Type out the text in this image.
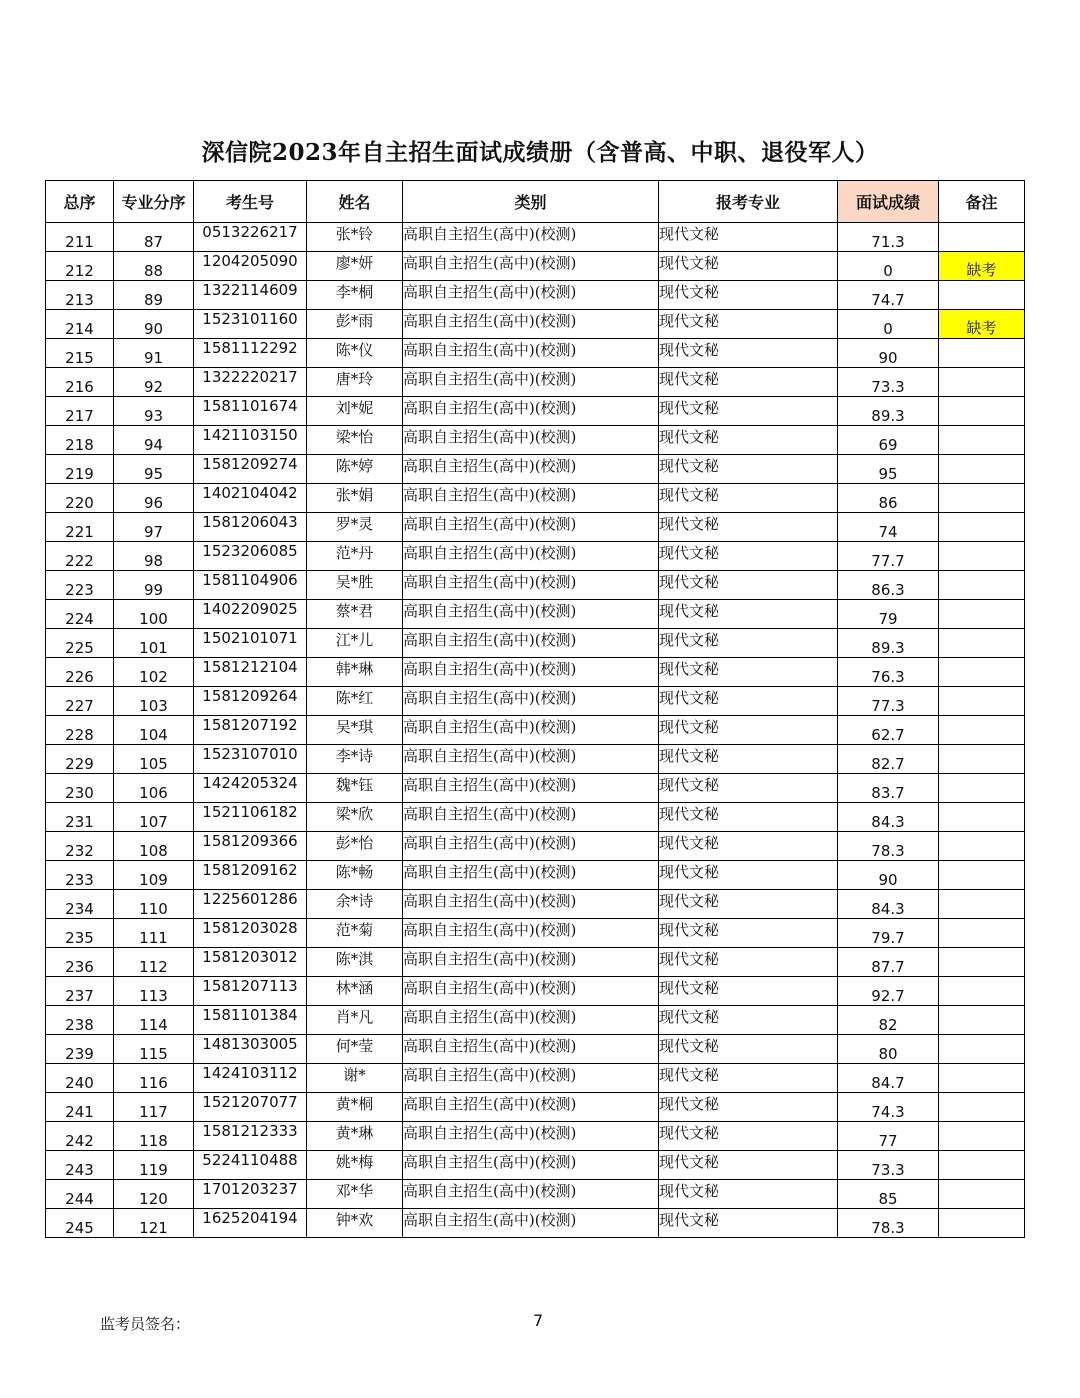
深信院2023年自主招生面试成绩册（含普高、中职、退役军人）
总序	专业分序	考生号	姓名	类别	报考专业	面试成绩	备注
211	87	0513226217	张*铃	高职自主招生(高中)(校测)	现代文秘	71.3	
212	88	1204205090	廖*妍	高职自主招生(高中)(校测)	现代文秘	0	缺考
213	89	1322114609	李*桐	高职自主招生(高中)(校测)	现代文秘	74.7	
214	90	1523101160	彭*雨	高职自主招生(高中)(校测)	现代文秘	0	缺考
215	91	1581112292	陈*仪	高职自主招生(高中)(校测)	现代文秘	90	
216	92	1322220217	唐*玲	高职自主招生(高中)(校测)	现代文秘	73.3	
217	93	1581101674	刘*妮	高职自主招生(高中)(校测)	现代文秘	89.3	
218	94	1421103150	梁*怡	高职自主招生(高中)(校测)	现代文秘	69	
219	95	1581209274	陈*婷	高职自主招生(高中)(校测)	现代文秘	95	
220	96	1402104042	张*娟	高职自主招生(高中)(校测)	现代文秘	86	
221	97	1581206043	罗*灵	高职自主招生(高中)(校测)	现代文秘	74	
222	98	1523206085	范*丹	高职自主招生(高中)(校测)	现代文秘	77.7	
223	99	1581104906	吴*胜	高职自主招生(高中)(校测)	现代文秘	86.3	
224	100	1402209025	蔡*君	高职自主招生(高中)(校测)	现代文秘	79	
225	101	1502101071	江*儿	高职自主招生(高中)(校测)	现代文秘	89.3	
226	102	1581212104	韩*琳	高职自主招生(高中)(校测)	现代文秘	76.3	
227	103	1581209264	陈*红	高职自主招生(高中)(校测)	现代文秘	77.3	
228	104	1581207192	吴*琪	高职自主招生(高中)(校测)	现代文秘	62.7	
229	105	1523107010	李*诗	高职自主招生(高中)(校测)	现代文秘	82.7	
230	106	1424205324	魏*钰	高职自主招生(高中)(校测)	现代文秘	83.7	
231	107	1521106182	梁*欣	高职自主招生(高中)(校测)	现代文秘	84.3	
232	108	1581209366	彭*怡	高职自主招生(高中)(校测)	现代文秘	78.3	
233	109	1581209162	陈*畅	高职自主招生(高中)(校测)	现代文秘	90	
234	110	1225601286	余*诗	高职自主招生(高中)(校测)	现代文秘	84.3	
235	111	1581203028	范*菊	高职自主招生(高中)(校测)	现代文秘	79.7	
236	112	1581203012	陈*淇	高职自主招生(高中)(校测)	现代文秘	87.7	
237	113	1581207113	林*涵	高职自主招生(高中)(校测)	现代文秘	92.7	
238	114	1581101384	肖*凡	高职自主招生(高中)(校测)	现代文秘	82	
239	115	1481303005	何*莹	高职自主招生(高中)(校测)	现代文秘	80	
240	116	1424103112	谢*	高职自主招生(高中)(校测)	现代文秘	84.7	
241	117	1521207077	黄*桐	高职自主招生(高中)(校测)	现代文秘	74.3	
242	118	1581212333	黄*琳	高职自主招生(高中)(校测)	现代文秘	77	
243	119	5224110488	姚*梅	高职自主招生(高中)(校测)	现代文秘	73.3	
244	120	1701203237	邓*华	高职自主招生(高中)(校测)	现代文秘	85	
245	121	1625204194	钟*欢	高职自主招生(高中)(校测)	现代文秘	78.3	
监考员签名：	7
